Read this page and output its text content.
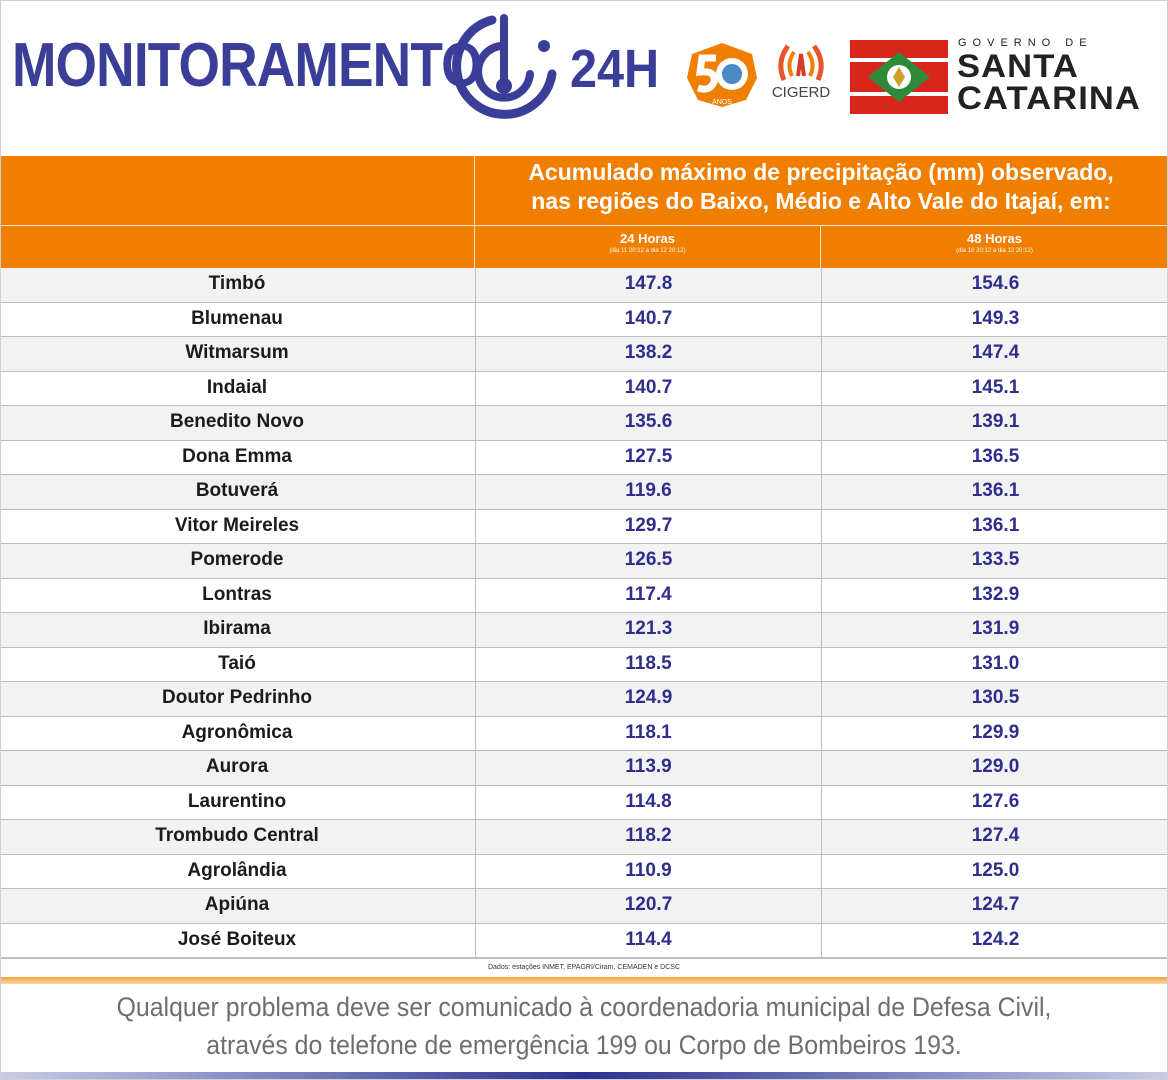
MONITORAMENTO 24H
ANOS
CIGERD
GOVERNO DE
SANTA
CATARINA
Acumulado máximo de precipitação (mm) observado,
nas regiões do Baixo, Médio e Alto Vale do Itajaí, em:
24 Horas
(dia 11 20:12 a dia 12 20:12)
48 Horas
(dia 10 20:12 a dia 12 20:12)
Timbó	147.8	154.6
Blumenau	140.7	149.3
Witmarsum	138.2	147.4
Indaial	140.7	145.1
Benedito Novo	135.6	139.1
Dona Emma	127.5	136.5
Botuverá	119.6	136.1
Vitor Meireles	129.7	136.1
Pomerode	126.5	133.5
Lontras	117.4	132.9
Ibirama	121.3	131.9
Taió	118.5	131.0
Doutor Pedrinho	124.9	130.5
Agronômica	118.1	129.9
Aurora	113.9	129.0
Laurentino	114.8	127.6
Trombudo Central	118.2	127.4
Agrolândia	110.9	125.0
Apiúna	120.7	124.7
José Boiteux	114.4	124.2
Dados: estações INMET, EPAGRI/Ciram, CEMADEN e DCSC
Qualquer problema deve ser comunicado à coordenadoria municipal de Defesa Civil,
através do telefone de emergência 199 ou Corpo de Bombeiros 193.
